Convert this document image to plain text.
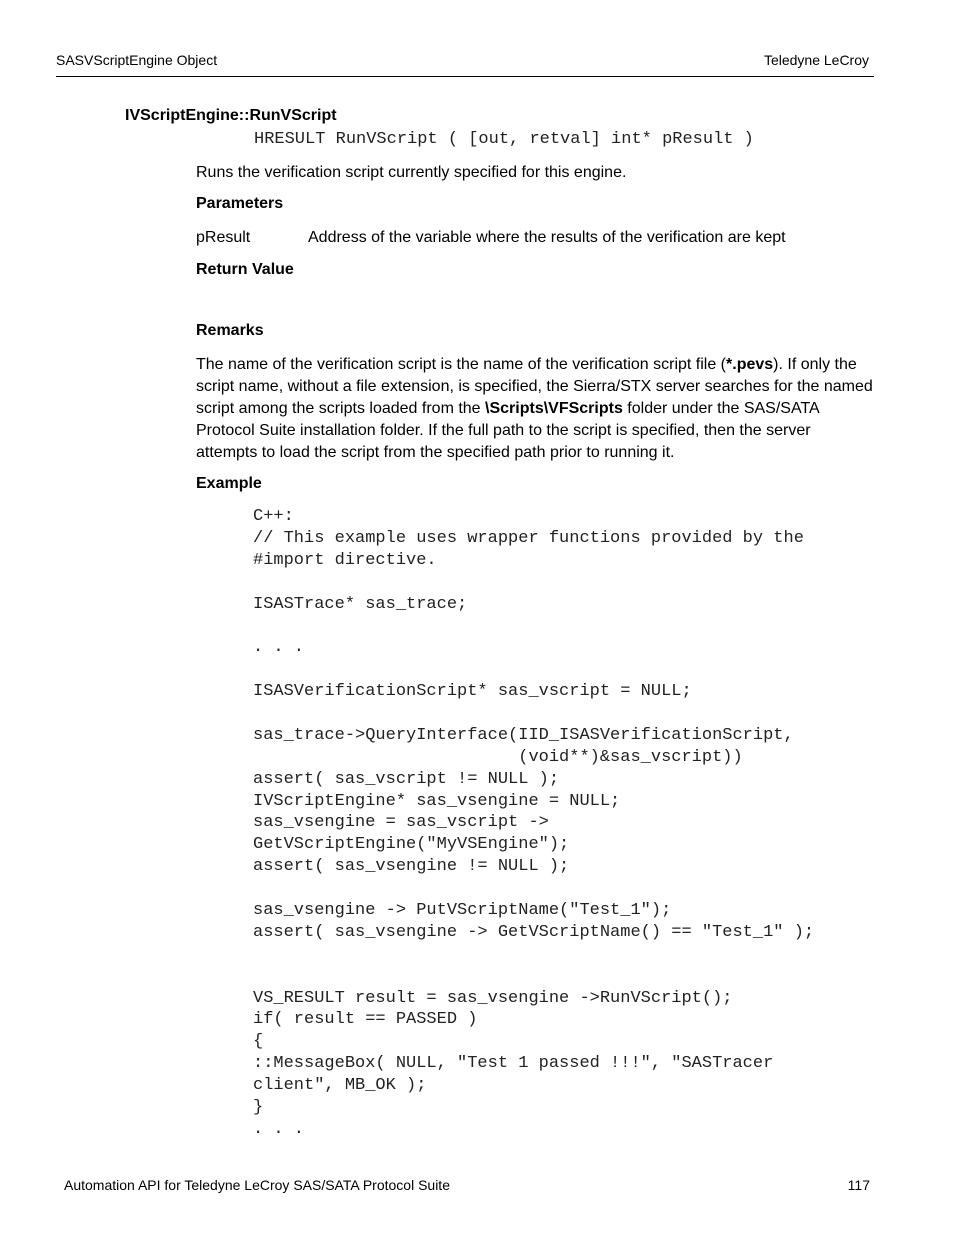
SASVScriptEngine Object	Teledyne LeCroy
IVScriptEngine::RunVScript
HRESULT RunVScript ( [out, retval] int* pResult )
Runs the verification script currently specified for this engine.
Parameters
pResult	Address of the variable where the results of the verification are kept
Return Value
Remarks
The name of the verification script is the name of the verification script file (*.pevs). If only the script name, without a file extension, is specified, the Sierra/STX server searches for the named script among the scripts loaded from the \Scripts\VFScripts folder under the SAS/SATA Protocol Suite installation folder. If the full path to the script is specified, then the server attempts to load the script from the specified path prior to running it.
Example
C++:
// This example uses wrapper functions provided by the
#import directive.
ISASTrace* sas_trace;
. . .
ISASVerificationScript* sas_vscript = NULL;
sas_trace->QueryInterface(IID_ISASVerificationScript,
(void**)&sas_vscript))
assert( sas_vscript != NULL );
IVScriptEngine* sas_vsengine = NULL;
sas_vsengine = sas_vscript ->
GetVScriptEngine("MyVSEngine");
assert( sas_vsengine != NULL );
sas_vsengine -> PutVScriptName("Test_1");
assert( sas_vsengine -> GetVScriptName() == "Test_1" );
VS_RESULT result = sas_vsengine ->RunVScript();
if( result == PASSED )
{
::MessageBox( NULL, "Test 1 passed !!!", "SASTracer
client", MB_OK );
}
. . .
Automation API for Teledyne LeCroy SAS/SATA Protocol Suite	117
